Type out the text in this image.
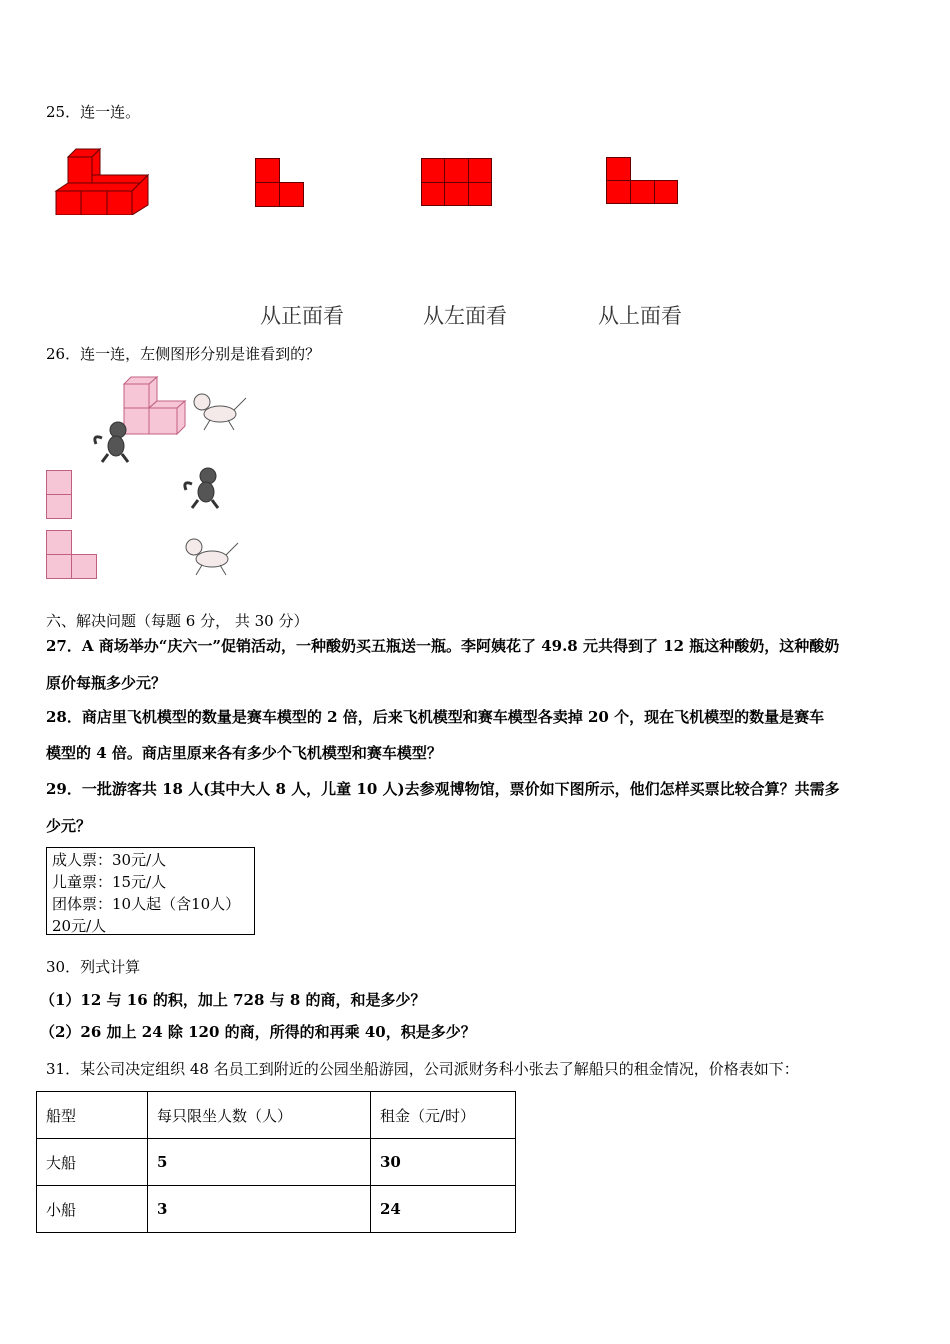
25．连一连。
从正面看	从左面看	从上面看
26．连一连，左侧图形分别是谁看到的？
六、解决问题（每题 6 分， 共 30 分）
27．A 商场举办“庆六一”促销活动，一种酸奶买五瓶送一瓶。李阿姨花了 49.8 元共得到了 12 瓶这种酸奶，这种酸奶
原价每瓶多少元？
28．商店里飞机模型的数量是赛车模型的 2 倍，后来飞机模型和赛车模型各卖掉 20 个，现在飞机模型的数量是赛车
模型的 4 倍。商店里原来各有多少个飞机模型和赛车模型？
29．一批游客共 18 人(其中大人 8 人，儿童 10 人)去参观博物馆，票价如下图所示，他们怎样买票比较合算？共需多
少元？
成人票：30元/人
儿童票：15元/人
团体票：10人起（含10人）
20元/人
30．列式计算
（1）12 与 16 的积，加上 728 与 8 的商，和是多少？
（2）26 加上 24 除 120 的商，所得的和再乘 40，积是多少？
31．某公司决定组织 48 名员工到附近的公园坐船游园，公司派财务科小张去了解船只的租金情况，价格表如下：
船型	每只限坐人数（人）	租金（元/时）
大船	5	30
小船	3	24
